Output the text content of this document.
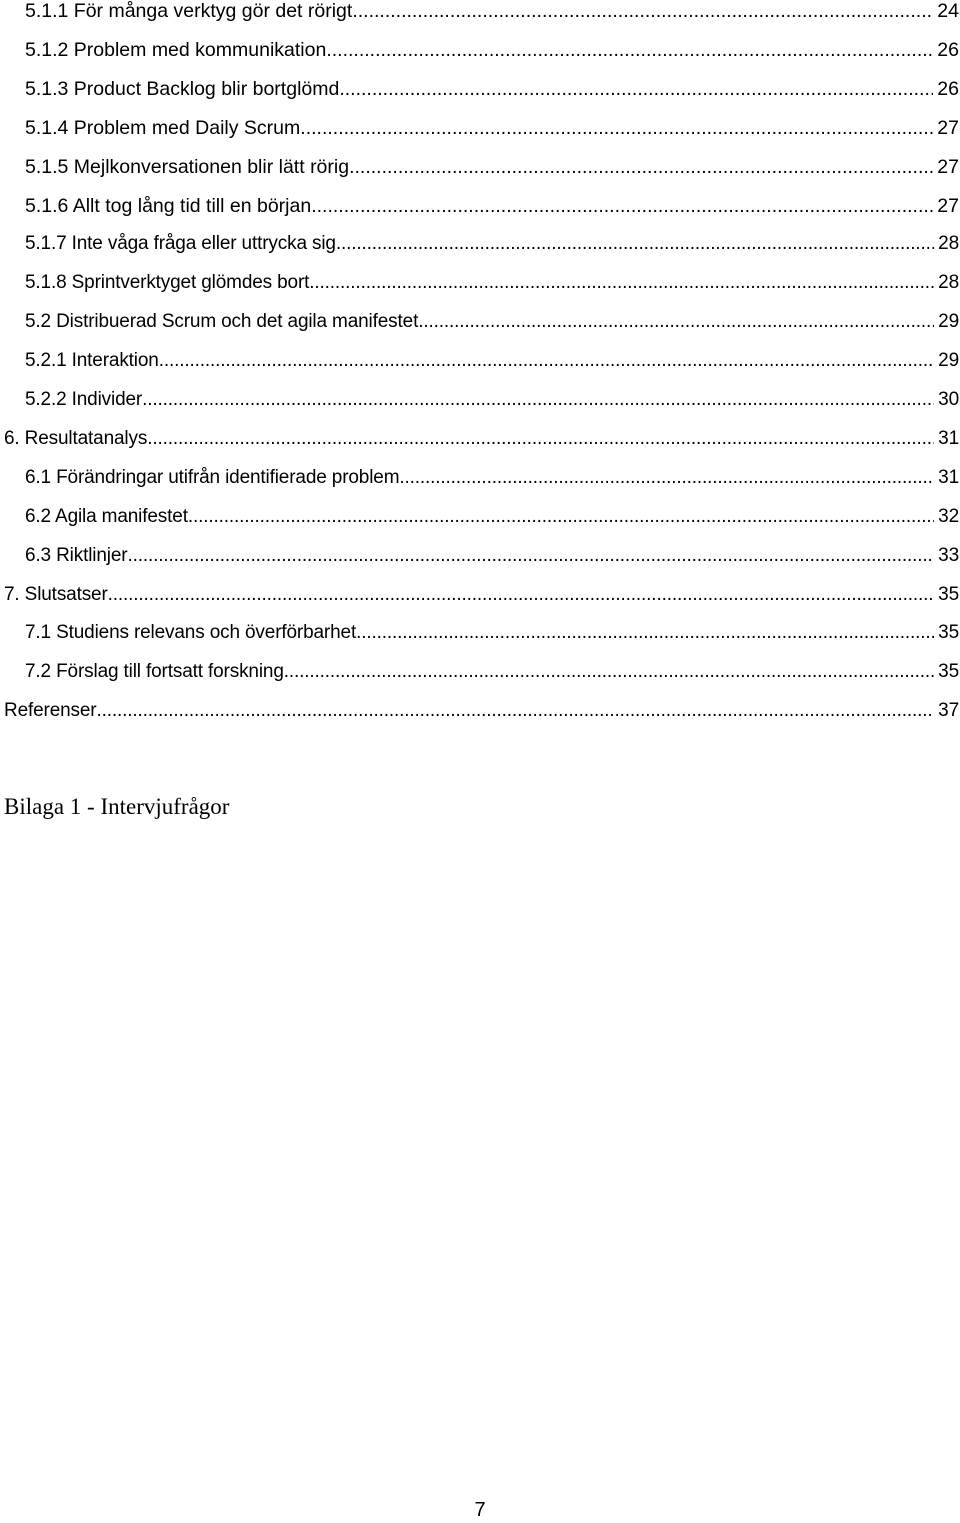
5.1.1 För många verktyg gör det rörigt .....	24
5.1.2 Problem med kommunikation .....	26
5.1.3 Product Backlog blir bortglömd .....	26
5.1.4 Problem med Daily Scrum .....	27
5.1.5 Mejlkonversationen blir lätt rörig .....	27
5.1.6 Allt tog lång tid till en början .....	27
5.1.7 Inte våga fråga eller uttrycka sig .....	28
5.1.8 Sprintverktyget glömdes bort. .....	28
5.2 Distribuerad Scrum och det agila manifestet .....	29
5.2.1 Interaktion .....	29
5.2.2 Individer .....	30
6. Resultatanalys .....	31
6.1 Förändringar utifrån identifierade problem .....	31
6.2 Agila manifestet .....	32
6.3 Riktlinjer .....	33
7. Slutsatser .....	35
7.1 Studiens relevans och överförbarhet .....	35
7.2 Förslag till fortsatt forskning .....	35
Referenser .....	37
Bilaga 1 - Intervjufrågor
7
